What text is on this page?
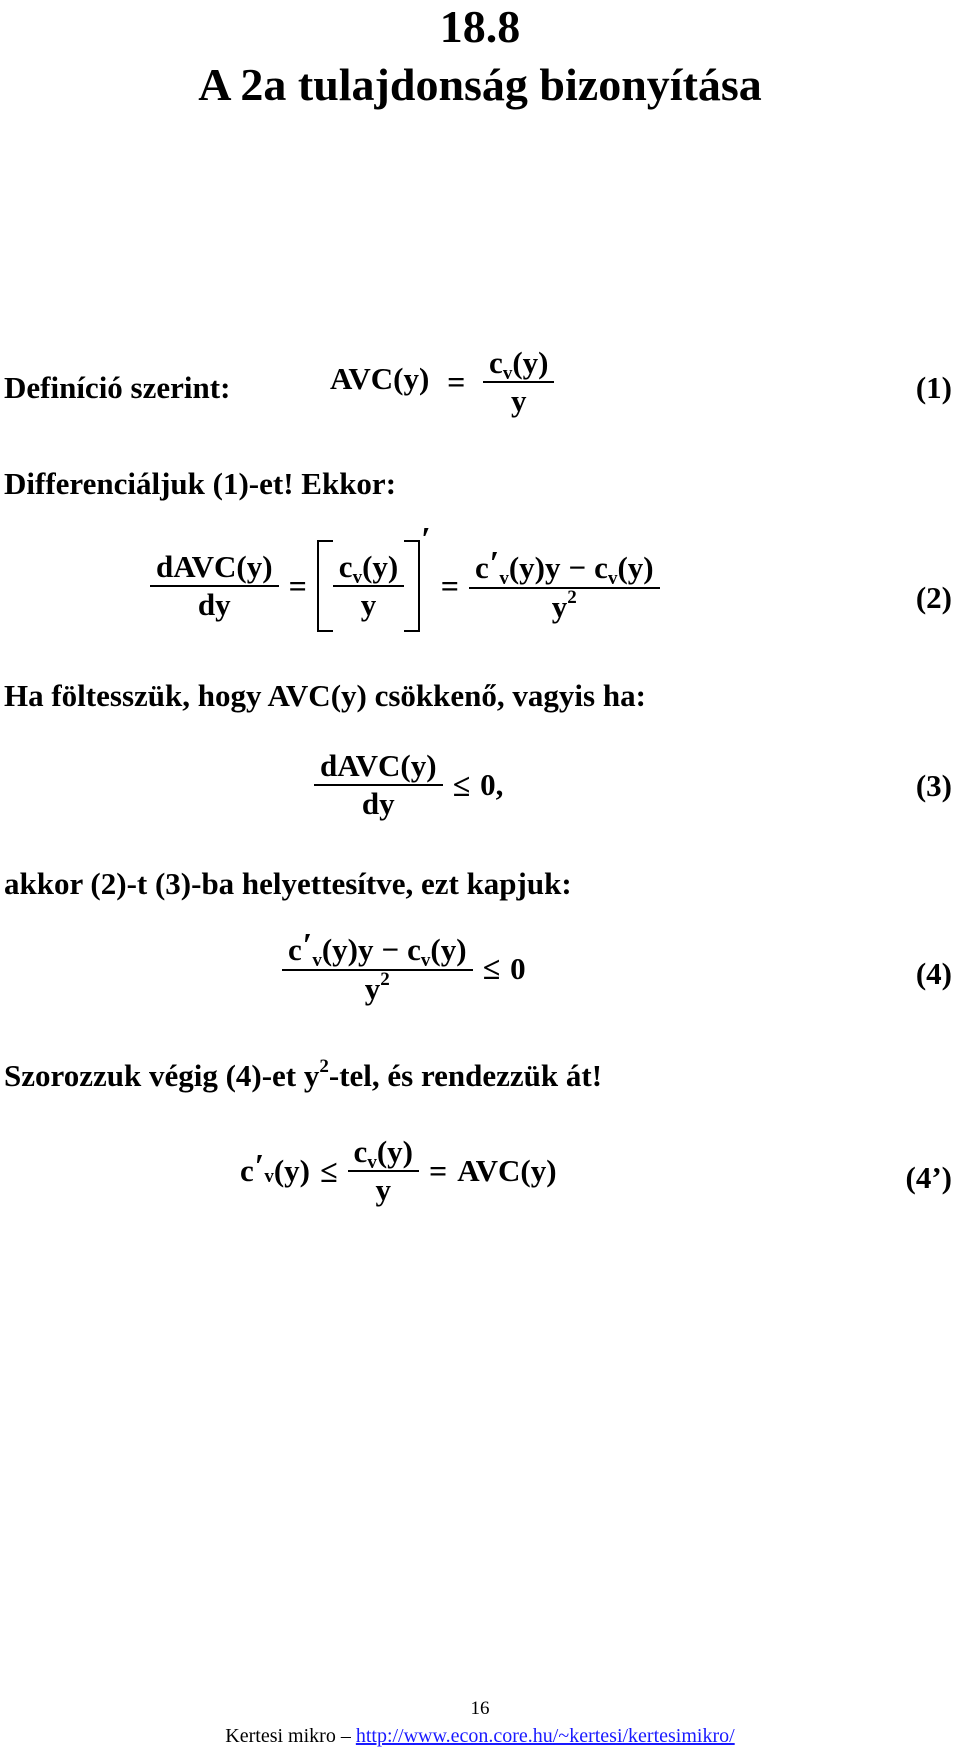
18.8
A 2a tulajdonság bizonyítása
Definíció szerint:	$AVC(y) = \frac{cv(y)}{y}$	(1)
Differenciáljuk (1)-et! Ekkor:
$\frac{\text{dAVC(y)}}{dy} = \frac{cv(y)}{y}$
′
= $\frac{c'v(y)y - cv(y)}{y^2}$	(2)
Ha föltesszük, hogy AVC(y) csökkenő, vagyis ha:
$\frac{\text{dAVC(y)}}{dy} \le 0$ ,	(3)
akkor (2)-t (3)-ba helyettesítve, ezt kapjuk:
$\frac{c'v(y)y - cv(y)}{y^2} \le 0$	(4)
Szorozzuk végig (4)-et $y^2$-tel, és rendezzük át!
c ′ v $(y) \le \frac{cv(y)}{y} = AVC(y)$	(4’)
16
Kertesi mikro – http://www.econ.core.hu/~kertesi/kertesimikro/
